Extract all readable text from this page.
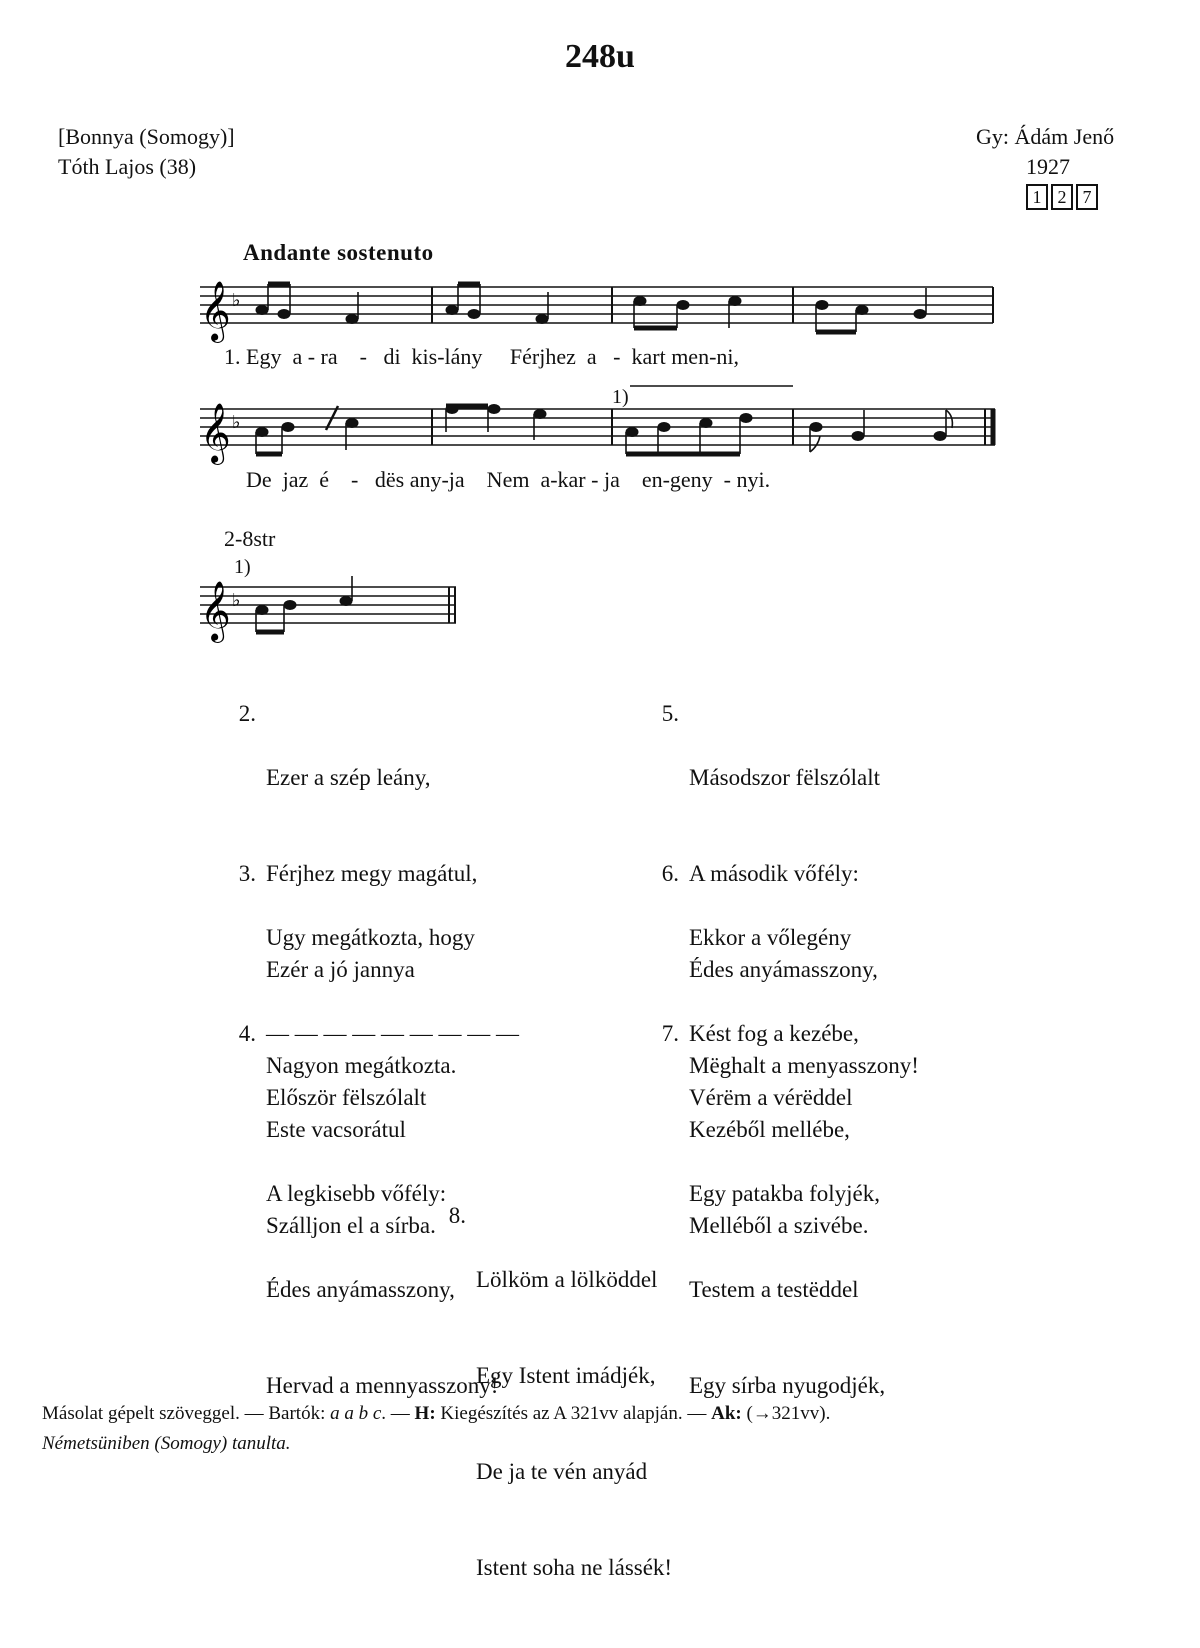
248u
[Bonnya (Somogy)]
Tóth Lajos (38)
Gy: Ádám Jenő
1927
1 2 7
Andante sostenuto
𝄞 ♭
1. Egy  a - ra    -   di  kis-lány     Férjhez  a   -  kart men-ni,
1)
𝄞 ♭
De  jaz  é    -   dës any-ja    Nem  a-kar - ja    en-geny  - nyi.
2-8str
1)
𝄞 ♭
2.

Ezer a szép leány,

Férjhez megy magátul,

Ezér a jó jannya

Nagyon megátkozta.

3.

Ugy megátkozta, hogy

— — — — — — — — —

Este vacsorátul

Szálljon el a sírba.

4.

Először fëlszólalt

A legkisebb vőfély:

Édes anyámasszony,

Hervad a mennyasszony!

5.

Másodszor fëlszólalt

A második vőfély:

Édes anyámasszony,

Mëghalt a menyasszony!

6.

Ekkor a vőlegény

Kést fog a kezébe,

Kezéből mellébe,

Melléből a szivébe.

7.

Vérëm a vérëddel

Egy patakba folyjék,

Testem a testëddel

Egy sírba nyugodjék,

8.

Lölköm a lölködde​l

Egy Istent imádjék,

De ja te vén anyád

Istent soha ne lássék!

Másolat gépelt szöveggel. — Bartók: a a b c. — H: Kiegészítés az A 321vv alapján. — Ak: (→321vv).
Németsüniben (Somogy) tanulta.
